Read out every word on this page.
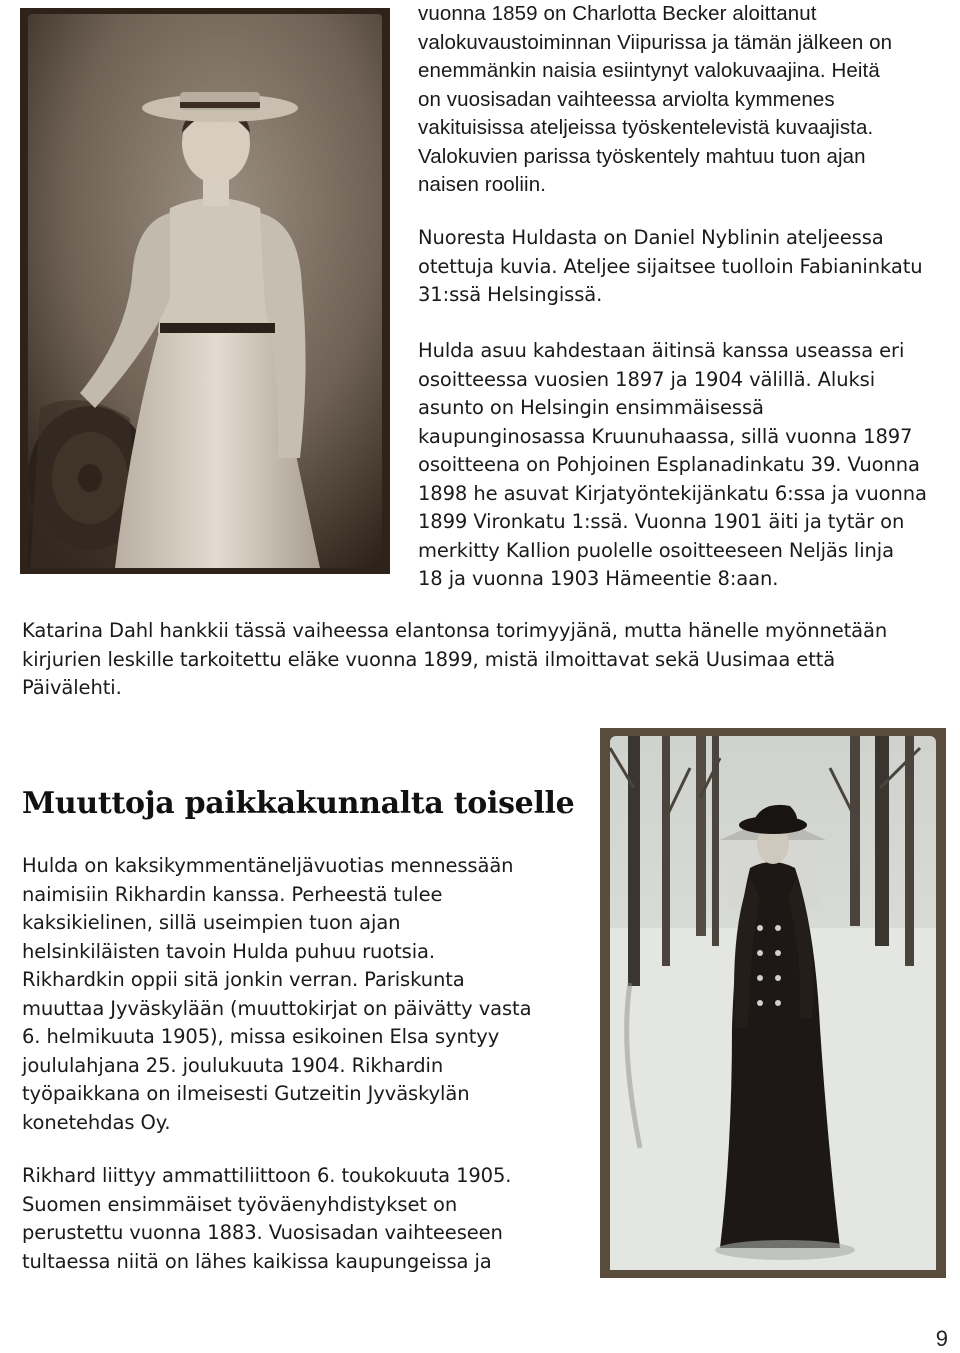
vuonna 1859 on Charlotta Becker aloittanut
valokuvaustoiminnan Viipurissa ja tämän jälkeen on
enemmänkin naisia esiintynyt valokuvaajina. Heitä
on vuosisadan vaihteessa arviolta kymmenes
vakituisissa ateljeissa työskentelevistä kuvaajista.
Valokuvien parissa työskentely mahtuu tuon ajan
naisen rooliin.
Nuoresta Huldasta on Daniel Nyblinin ateljeessa
otettuja kuvia. Ateljee sijaitsee tuolloin Fabianinkatu
31:ssä Helsingissä.
Hulda asuu kahdestaan äitinsä kanssa useassa eri
osoitteessa vuosien 1897 ja 1904 välillä. Aluksi
asunto on Helsingin ensimmäisessä
kaupunginosassa Kruunuhaassa, sillä vuonna 1897
osoitteena on Pohjoinen Esplanadinkatu 39. Vuonna
1898 he asuvat Kirjatyöntekijänkatu 6:ssa ja vuonna
1899 Vironkatu 1:ssä. Vuonna 1901 äiti ja tytär on
merkitty KaIlion puolelle osoitteeseen Neljäs linja
18 ja vuonna 1903 Hämeentie 8:aan.
Katarina Dahl hankkii tässä vaiheessa elantonsa torimyyjänä, mutta hänelle myönnetään
kirjurien leskille tarkoitettu eläke vuonna 1899, mistä ilmoittavat sekä Uusimaa että
Päivälehti.
Muuttoja paikkakunnalta toiselle
Hulda on kaksikymmentäneljävuotias mennessään
naimisiin Rikhardin kanssa. Perheestä tulee
kaksikielinen, sillä useimpien tuon ajan
helsinkiläisten tavoin Hulda puhuu ruotsia.
Rikhardkin oppii sitä jonkin verran. Pariskunta
muuttaa Jyväskylään (muuttokirjat on päivätty vasta
6. helmikuuta 1905), missa esikoinen Elsa syntyy
joululahjana 25. joulukuuta 1904. Rikhardin
työpaikkana on ilmeisesti Gutzeitin Jyväskylän
konetehdas Oy.
Rikhard liittyy ammattiliittoon 6. toukokuuta 1905.
Suomen ensimmäiset työväenyhdistykset on
perustettu vuonna 1883. Vuosisadan vaihteeseen
tultaessa niitä on lähes kaikissa kaupungeissa ja
9
